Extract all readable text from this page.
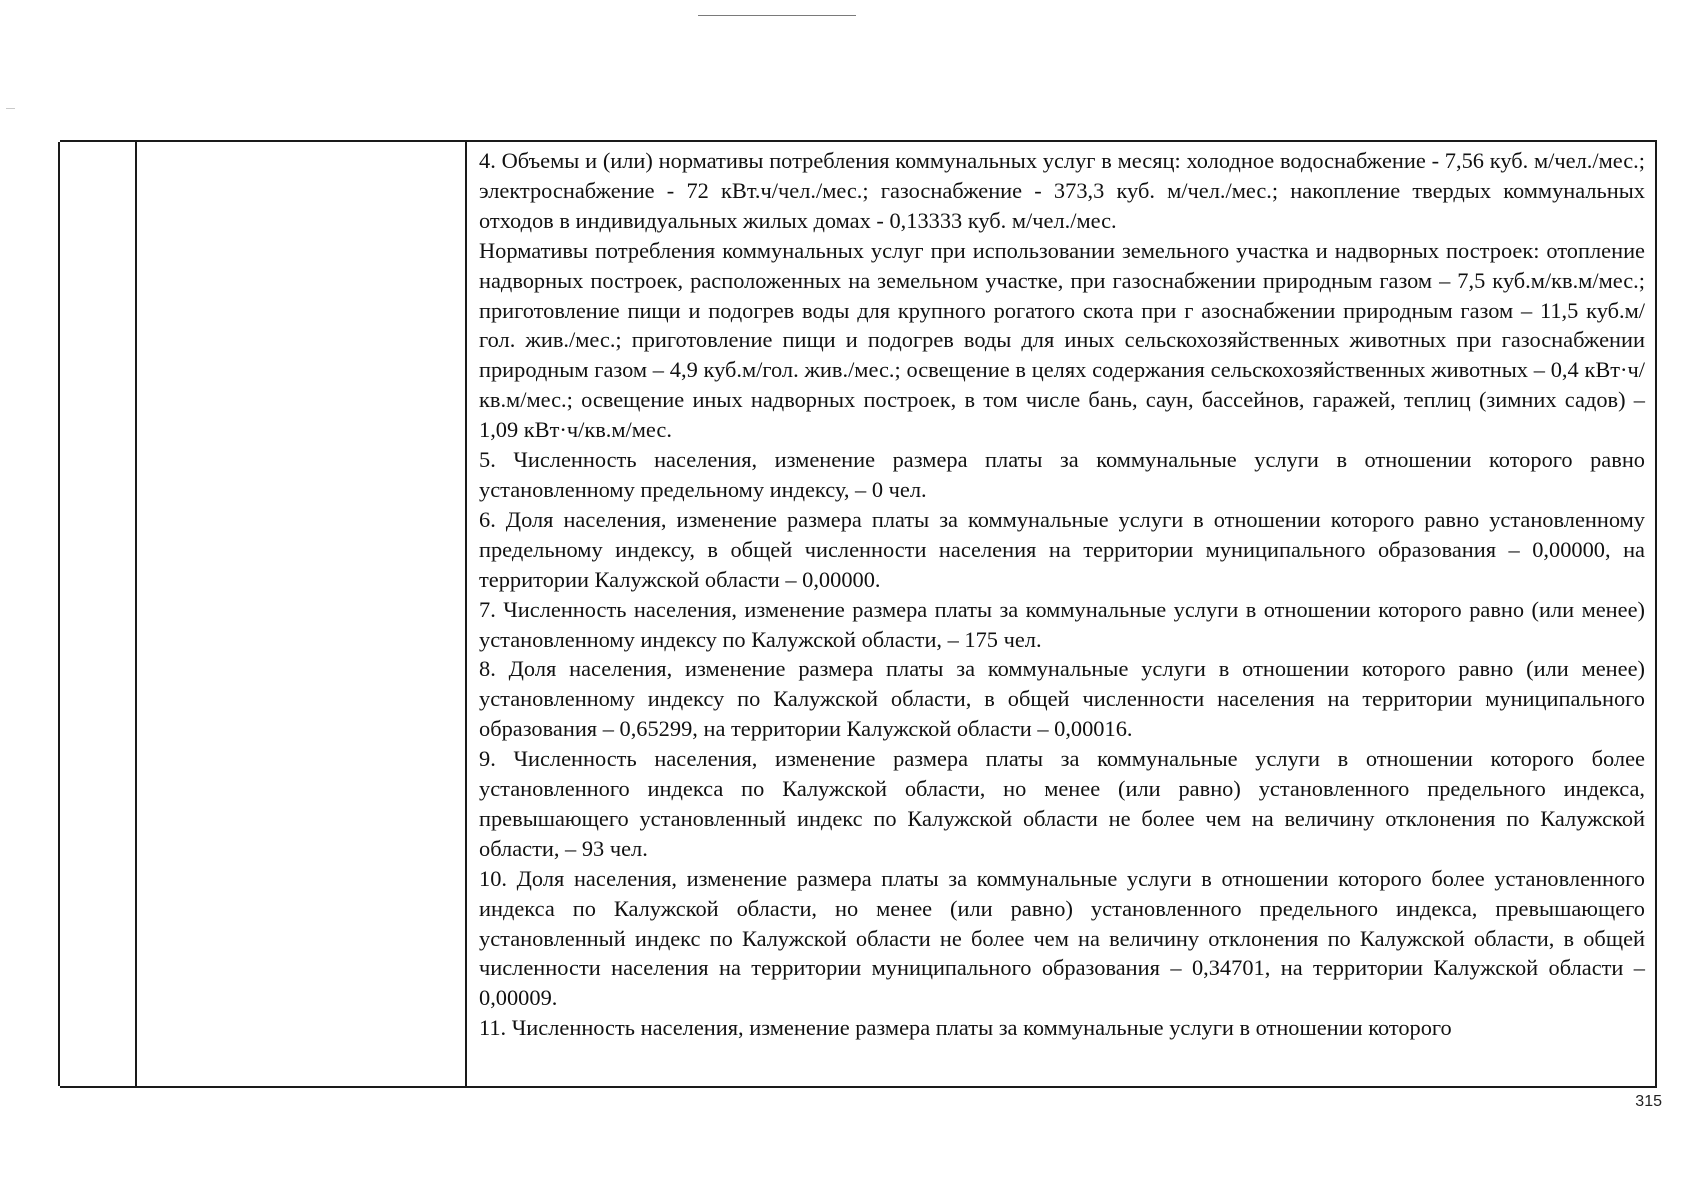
4. Объемы и (или) нормативы потребления коммунальных услуг в месяц: холодное водоснабжение - 7,56 куб. м/чел./мес.; электроснабжение - 72 кВт.ч/чел./мес.; газоснабжение - 373,3 куб. м/чел./мес.; накопление твердых коммунальных отходов в индивидуальных жилых домах - 0,13333 куб. м/чел./мес.

Нормативы потребления коммунальных услуг при использовании земельного участка и надворных построек: отопление надворных построек, расположенных на земельном участке, при газоснабжении природным газом – 7,5 куб.м/кв.м/мес.; приготовление пищи и подогрев воды для крупного рогатого скота при г азоснабжении природным газом – 11,5 куб.м/гол. жив./мес.; приготовление пищи и подогрев воды для иных сельскохозяйственных животных при газоснабжении природным газом – 4,9 куб.м/гол. жив./мес.; освещение в целях содержания сельскохозяйственных животных – 0,4 кВт·ч/кв.м/мес.; освещение иных надворных построек, в том числе бань, саун, бассейнов, гаражей, теплиц (зимних садов) – 1,09 кВт·ч/кв.м/мес.

5. Численность населения, изменение размера платы за коммунальные услуги в отношении которого равно установленному предельному индексу, – 0 чел.

6. Доля населения, изменение размера платы за коммунальные услуги в отношении которого равно установленному предельному индексу, в общей численности населения на территории муниципального образования – 0,00000, на территории Калужской области – 0,00000.

7. Численность населения, изменение размера платы за коммунальные услуги в отношении которого равно (или менее) установленному индексу по Калужской области, – 175 чел.

8. Доля населения, изменение размера платы за коммунальные услуги в отношении которого равно (или менее) установленному индексу по Калужской области, в общей численности населения на территории муниципального образования – 0,65299, на территории Калужской области – 0,00016.

9. Численность населения, изменение размера платы за коммунальные услуги в отношении которого более установленного индекса по Калужской области, но менее (или равно) установленного предельного индекса, превышающего установленный индекс по Калужской области не более чем на величину отклонения по Калужской области, – 93 чел.

10. Доля населения, изменение размера платы за коммунальные услуги в отношении которого более установленного индекса по Калужской области, но менее (или равно) установленного предельного индекса, превышающего установленный индекс по Калужской области не более чем на величину отклонения по Калужской области, в общей численности населения на территории муниципального образования – 0,34701, на территории Калужской области – 0,00009.

11. Численность населения, изменение размера платы за коммунальные услуги в отношении которого

315
